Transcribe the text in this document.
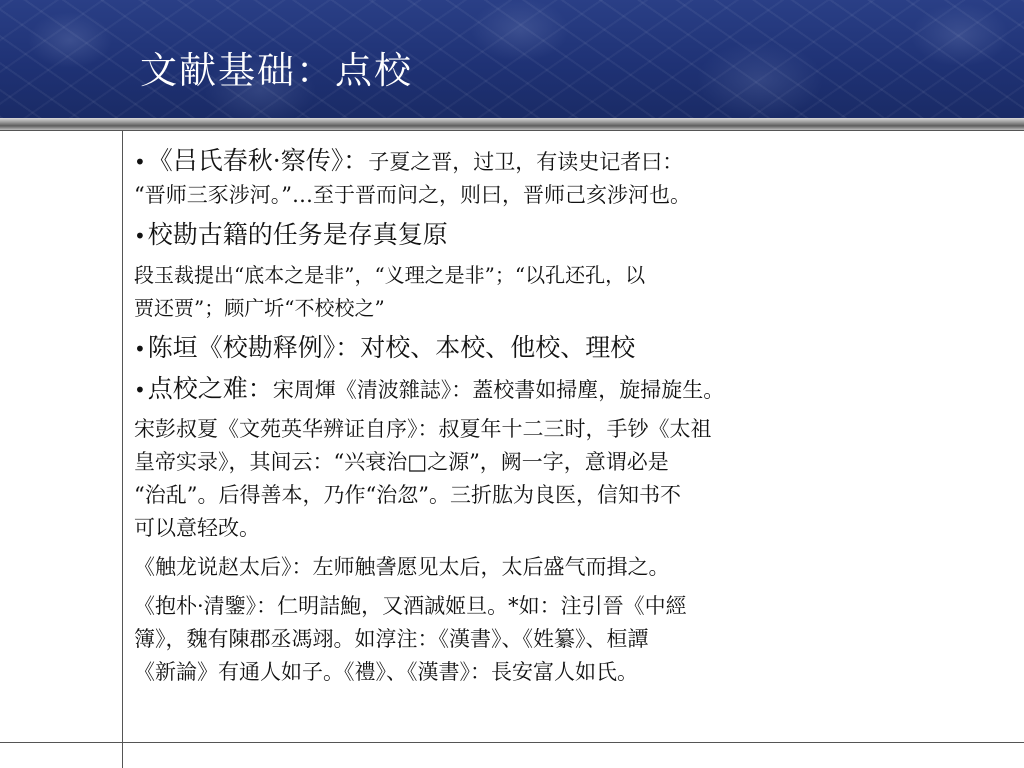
文献基础：点校

•《吕氏春秋·察传》：子夏之晋，过卫，有读史记者曰：

“晋师三豕涉河。”…至于晋而问之，则曰，晋师己亥涉河也。

•校勘古籍的任务是存真复原

段玉裁提出“底本之是非”，“义理之是非”；“以孔还孔，以

贾还贾”；顾广圻“不校校之”

•陈垣《校勘释例》：对校、本校、他校、理校

•点校之难：宋周煇《清波雜誌》：蓋校書如掃塵，旋掃旋生。

宋彭叔夏《文苑英华辨证自序》：叔夏年十二三时，手钞《太祖

皇帝实录》，其间云：“兴衰治□之源”，阙一字，意谓必是

“治乱”。后得善本，乃作“治忽”。三折肱为良医，信知书不

可以意轻改。

《触龙说赵太后》：左师触詟愿见太后，太后盛气而揖之。

《抱朴·清鑒》：仁明詰鮑，又酒誠姬旦。*如：注引晉《中經

簿》，魏有陳郡丞馮翊。如淳注：《漢書》、《姓纂》、桓譚

《新論》有通人如子。《禮》、《漢書》：長安富人如氏。
